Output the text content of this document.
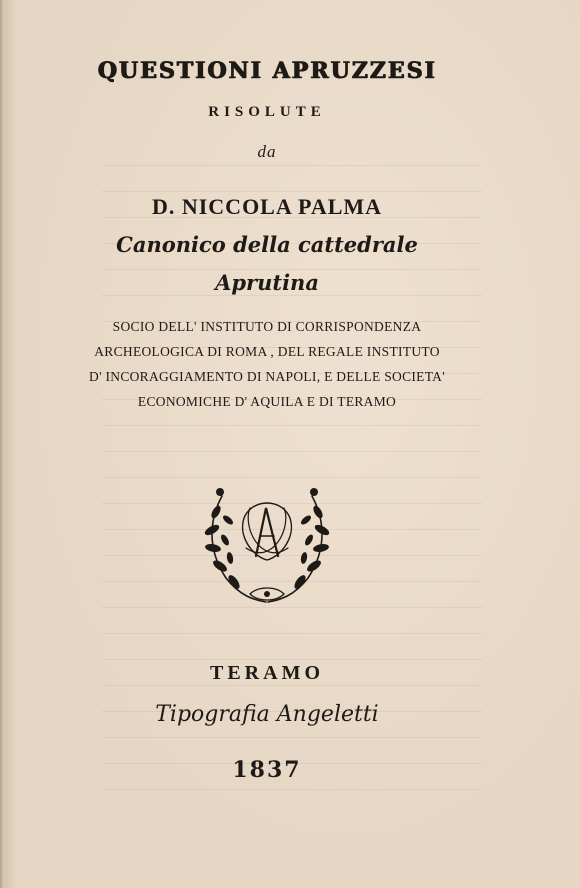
QUESTIONI APRUZZESI
RISOLUTE
da
D. NICCOLA PALMA
Canonico della cattedrale
Aprutina
SOCIO DELL' INSTITUTO DI CORRISPONDENZA
ARCHEOLOGICA DI ROMA , DEL REGALE INSTITUTO
D' INCORAGGIAMENTO DI NAPOLI, E DELLE SOCIETA'
ECONOMICHE D' AQUILA E DI TERAMO
TERAMO
Tipografia Angeletti
1837
